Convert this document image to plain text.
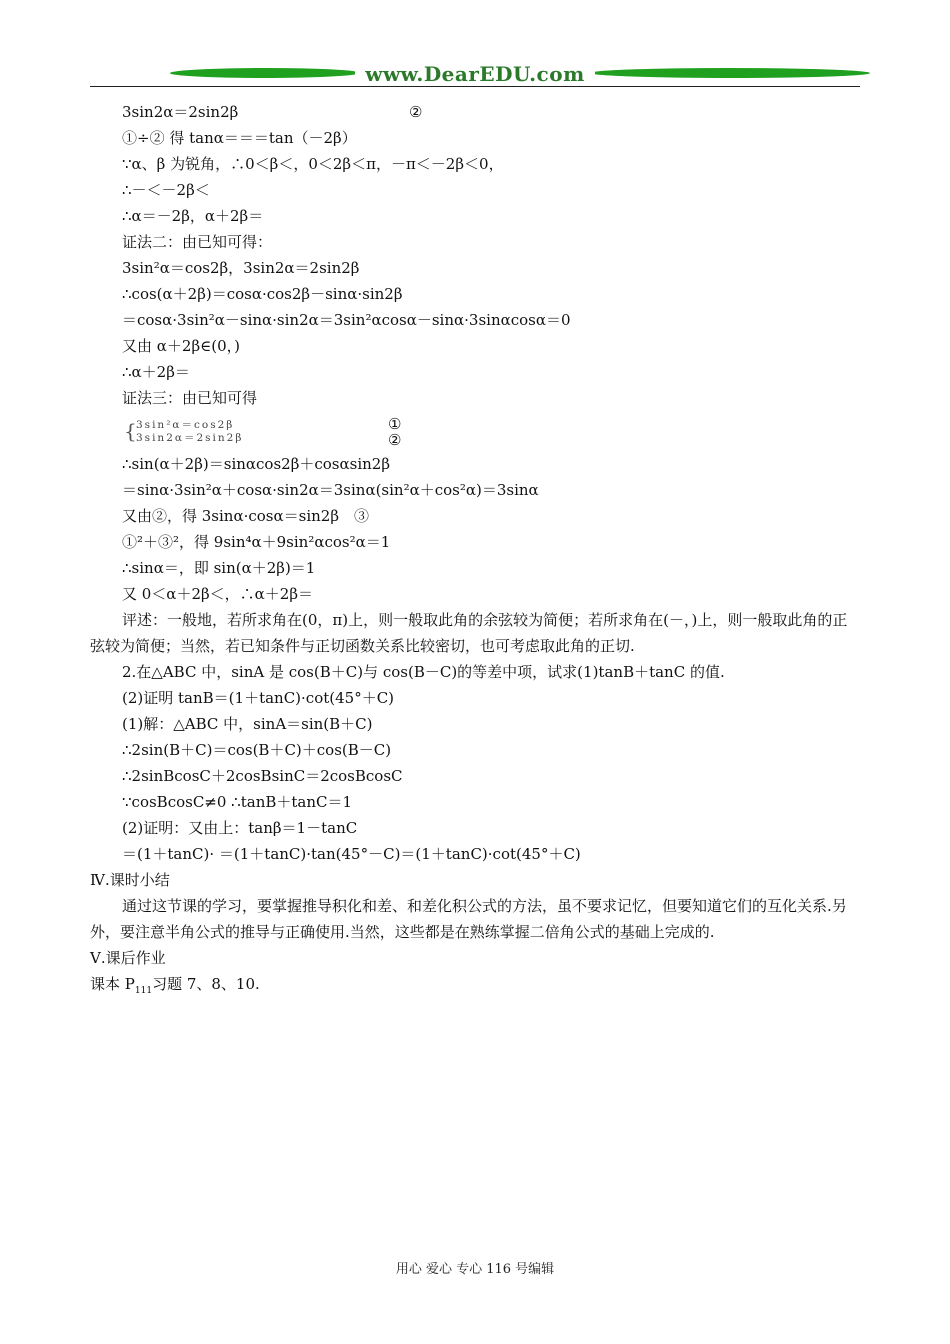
www.DearEDU.com
3sin2α＝2sin2β
①÷② 得 tanα＝＝＝tan（－2β）
∵α、β 为锐角，∴0＜β＜，0＜2β＜π，－π＜－2β＜0，
∴－＜－2β＜
∴α＝－2β，α＋2β＝
证法二：由已知可得：
3sin²α＝cos2β，3sin2α＝2sin2β
∴cos(α＋2β)＝cosα·cos2β－sinα·sin2β
＝cosα·3sin²α－sinα·sin2α＝3sin²αcosα－sinα·3sinαcosα＝0
又由 α＋2β∈(0，)
∴α＋2β＝
证法三：由已知可得
{ 3sin²α＝cos2β
3sin2α＝2sin2β
①
②
∴sin(α＋2β)＝sinαcos2β＋cosαsin2β
＝sinα·3sin²α＋cosα·sin2α＝3sinα(sin²α＋cos²α)＝3sinα
又由②，得 3sinα·cosα＝sin2β　③
①²＋③²，得 9sin⁴α＋9sin²αcos²α＝1
∴sinα＝，即 sin(α＋2β)＝1
又 0＜α＋2β＜，∴α＋2β＝
评述：一般地，若所求角在(0，π)上，则一般取此角的余弦较为简便；若所求角在(－，)上，则一般取此角的正弦较为简便；当然，若已知条件与正切函数关系比较密切，也可考虑取此角的正切.
2.在△ABC 中，sinA 是 cos(B＋C)与 cos(B－C)的等差中项，试求(1)tanB＋tanC 的值.
(2)证明 tanB＝(1＋tanC)·cot(45°＋C)
(1)解：△ABC 中，sinA＝sin(B＋C)
∴2sin(B＋C)＝cos(B＋C)＋cos(B－C)
∴2sinBcosC＋2cosBsinC＝2cosBcosC
∵cosBcosC≠0 ∴tanB＋tanC＝1
(2)证明：又由上：tanβ＝1－tanC
＝(1＋tanC)· ＝(1＋tanC)·tan(45°－C)＝(1＋tanC)·cot(45°＋C)
Ⅳ.课时小结
通过这节课的学习，要掌握推导积化和差、和差化积公式的方法，虽不要求记忆，但要知道它们的互化关系.另外，要注意半角公式的推导与正确使用.当然，这些都是在熟练掌握二倍角公式的基础上完成的.
Ⅴ.课后作业
课本 $P_{111}$习题 7、8、10.
②
用心 爱心 专心 116 号编辑
